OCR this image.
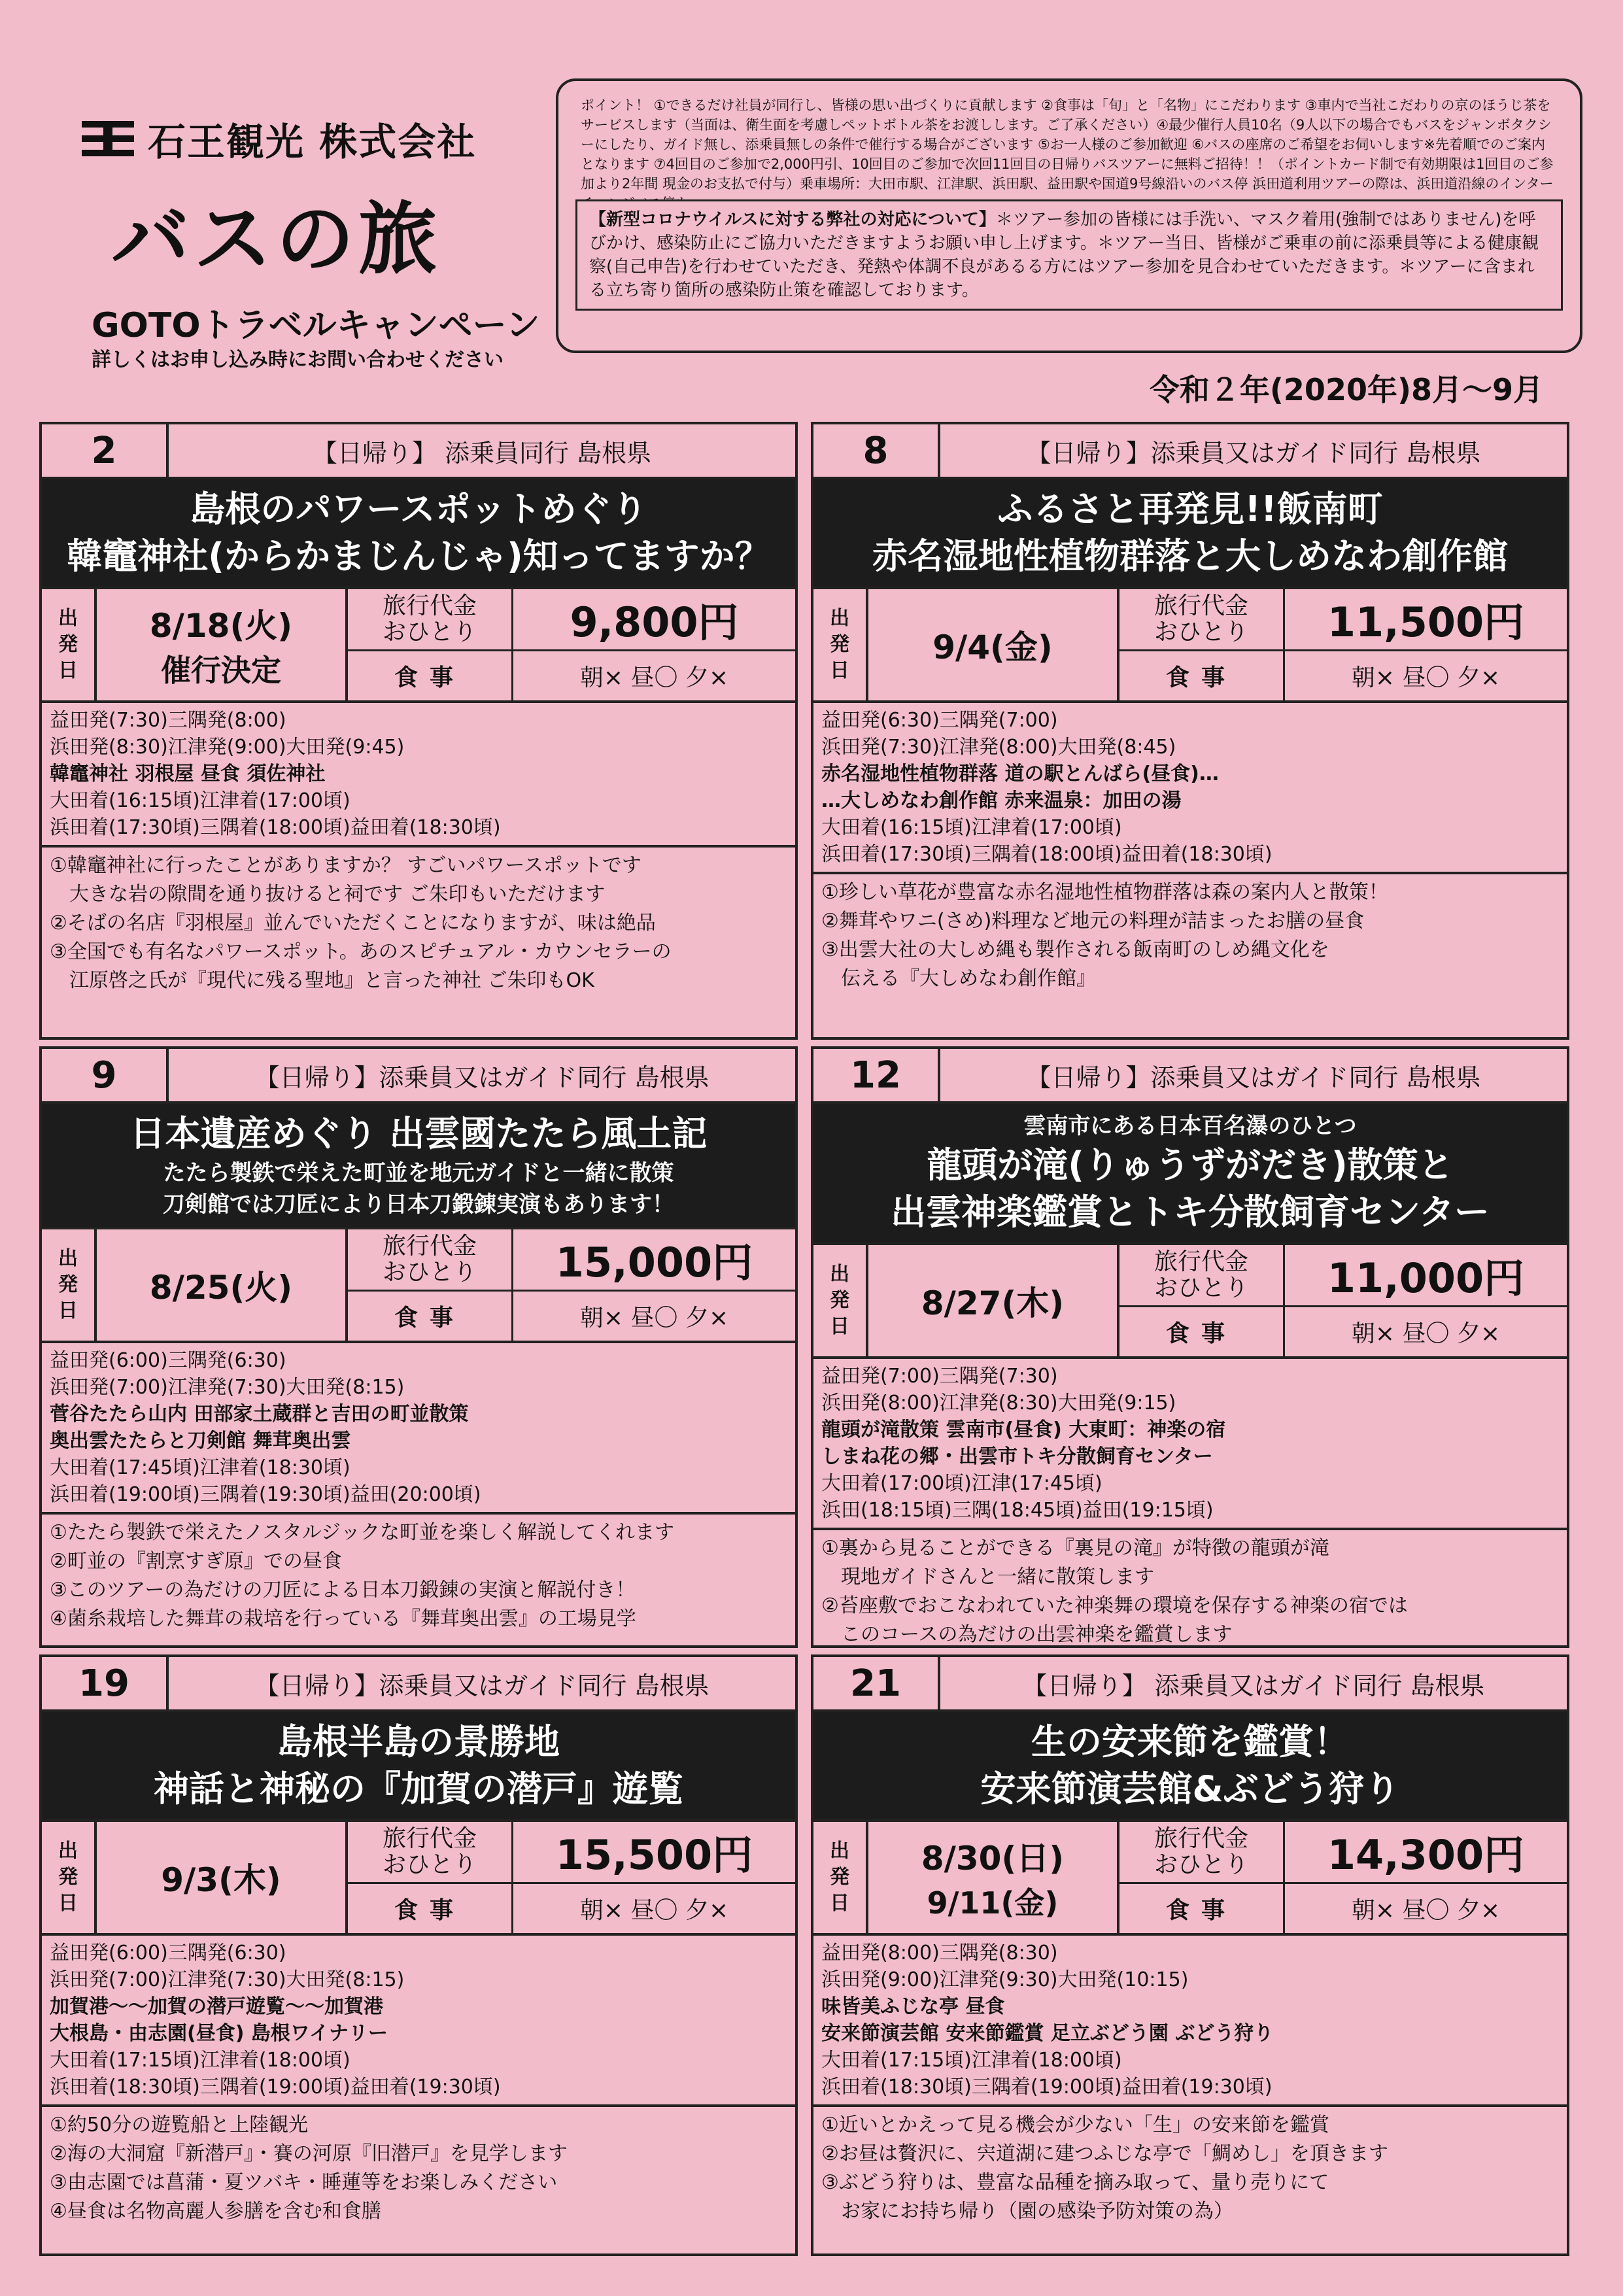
石王観光 株式会社
バスの旅
GOTOトラベルキャンペーン
詳しくはお申し込み時にお問い合わせください
ポイント！ ①できるだけ社員が同行し、皆様の思い出づくりに貢献します ②食事は「旬」と「名物」にこだわります ③車内で当社こだわりの京のほうじ茶をサービスします（当面は、衛生面を考慮しペットボトル茶をお渡しします。ご了承ください）④最少催行人員10名（9人以下の場合でもバスをジャンボタクシーにしたり、ガイド無し、添乗員無しの条件で催行する場合がございます ⑤お一人様のご参加歓迎 ⑥バスの座席のご希望をお伺いします※先着順でのご案内となります ⑦4回目のご参加で2,000円引、10回目のご参加で次回11回目の日帰りバスツアーに無料ご招待！！（ポイントカード制で有効期限は1回目のご参加より2年間 現金のお支払で付与）乗車場所：大田市駅、江津駅、浜田駅、益田駅や国道9号線沿いのバス停 浜田道利用ツアーの際は、浜田道沿線のインター
【新型コロナウイルスに対する弊社の対応について】＊ツアー参加の皆様には手洗い、マスク着用(強制ではありません)を呼びかけ、感染防止にご協力いただきますようお願い申し上げます。＊ツアー当日、皆様がご乗車の前に添乗員等による健康観察(自己申告)を行わせていただき、発熱や体調不良があるる方にはツアー参加を見合わせていただきます。＊ツアーに含まれる立ち寄り箇所の感染防止策を確認しております。
令和２年(2020年)8月～9月
2	【日帰り】 添乗員同行 島根県
島根のパワースポットめぐり
韓竈神社(からかまじんじゃ)知ってますか？
出
発
日
8/18(火)
催行決定
旅行代金
おひとり	9,800円
食事	朝× 昼〇 夕×
益田発(7:30)三隅発(8:00)
浜田発(8:30)江津発(9:00)大田発(9:45)
韓竈神社 羽根屋 昼食 須佐神社
大田着(16:15頃)江津着(17:00頃)
浜田着(17:30頃)三隅着(18:00頃)益田着(18:30頃)
①韓竈神社に行ったことがありますか？ すごいパワースポットです
　大きな岩の隙間を通り抜けると祠です ご朱印もいただけます
②そばの名店『羽根屋』並んでいただくことになりますが、味は絶品
③全国でも有名なパワースポット。あのスピチュアル・カウンセラーの
　江原啓之氏が『現代に残る聖地』と言った神社 ご朱印もOK
8	【日帰り】添乗員又はガイド同行 島根県
ふるさと再発見!!飯南町
赤名湿地性植物群落と大しめなわ創作館
出
発
日
9/4(金)
旅行代金
おひとり	11,500円
食事	朝× 昼〇 夕×
益田発(6:30)三隅発(7:00)
浜田発(7:30)江津発(8:00)大田発(8:45)
赤名湿地性植物群落 道の駅とんばら(昼食)…
…大しめなわ創作館 赤来温泉：加田の湯
大田着(16:15頃)江津着(17:00頃)
浜田着(17:30頃)三隅着(18:00頃)益田着(18:30頃)
①珍しい草花が豊富な赤名湿地性植物群落は森の案内人と散策！
②舞茸やワニ(さめ)料理など地元の料理が詰まったお膳の昼食
③出雲大社の大しめ縄も製作される飯南町のしめ縄文化を
　伝える『大しめなわ創作館』
9	【日帰り】添乗員又はガイド同行 島根県
日本遺産めぐり 出雲國たたら風土記
たたら製鉄で栄えた町並を地元ガイドと一緒に散策
刀剣館では刀匠により日本刀鍛錬実演もあります！
出
発
日
8/25(火)
旅行代金
おひとり	15,000円
食事	朝× 昼〇 夕×
益田発(6:00)三隅発(6:30)
浜田発(7:00)江津発(7:30)大田発(8:15)
菅谷たたら山内 田部家土蔵群と吉田の町並散策
奥出雲たたらと刀剣館 舞茸奥出雲
大田着(17:45頃)江津着(18:30頃)
浜田着(19:00頃)三隅着(19:30頃)益田(20:00頃)
①たたら製鉄で栄えたノスタルジックな町並を楽しく解説してくれます
②町並の『割烹すぎ原』での昼食
③このツアーの為だけの刀匠による日本刀鍛錬の実演と解説付き！
④菌糸栽培した舞茸の栽培を行っている『舞茸奥出雲』の工場見学
12	【日帰り】添乗員又はガイド同行 島根県
雲南市にある日本百名瀑のひとつ
龍頭が滝(りゅうずがだき)散策と
出雲神楽鑑賞とトキ分散飼育センター
出
発
日
8/27(木)
旅行代金
おひとり	11,000円
食事	朝× 昼〇 夕×
益田発(7:00)三隅発(7:30)
浜田発(8:00)江津発(8:30)大田発(9:15)
龍頭が滝散策 雲南市(昼食) 大東町：神楽の宿
しまね花の郷・出雲市トキ分散飼育センター
大田着(17:00頃)江津(17:45頃)
浜田(18:15頃)三隅(18:45頃)益田(19:15頃)
①裏から見ることができる『裏見の滝』が特徴の龍頭が滝
　現地ガイドさんと一緒に散策します
②苔座敷でおこなわれていた神楽舞の環境を保存する神楽の宿では
　このコースの為だけの出雲神楽を鑑賞します
19	【日帰り】添乗員又はガイド同行 島根県
島根半島の景勝地
神話と神秘の『加賀の潜戸』遊覧
出
発
日
9/3(木)
旅行代金
おひとり	15,500円
食事	朝× 昼〇 夕×
益田発(6:00)三隅発(6:30)
浜田発(7:00)江津発(7:30)大田発(8:15)
加賀港～～加賀の潜戸遊覧～～加賀港
大根島・由志園(昼食) 島根ワイナリー
大田着(17:15頃)江津着(18:00頃)
浜田着(18:30頃)三隅着(19:00頃)益田着(19:30頃)
①約50分の遊覧船と上陸観光
②海の大洞窟『新潜戸』・賽の河原『旧潜戸』を見学します
③由志園では菖蒲・夏ツバキ・睡蓮等をお楽しみください
④昼食は名物高麗人参膳を含む和食膳
21	【日帰り】 添乗員又はガイド同行 島根県
生の安来節を鑑賞！
安来節演芸館&ぶどう狩り
出
発
日
8/30(日)
9/11(金)
旅行代金
おひとり	14,300円
食事	朝× 昼〇 夕×
益田発(8:00)三隅発(8:30)
浜田発(9:00)江津発(9:30)大田発(10:15)
味皆美ふじな亭 昼食
安来節演芸館 安来節鑑賞 足立ぶどう園 ぶどう狩り
大田着(17:15頃)江津着(18:00頃)
浜田着(18:30頃)三隅着(19:00頃)益田着(19:30頃)
①近いとかえって見る機会が少ない「生」の安来節を鑑賞
②お昼は贅沢に、宍道湖に建つふじな亭で「鯛めし」を頂きます
③ぶどう狩りは、豊富な品種を摘み取って、量り売りにて
　お家にお持ち帰り（園の感染予防対策の為）
